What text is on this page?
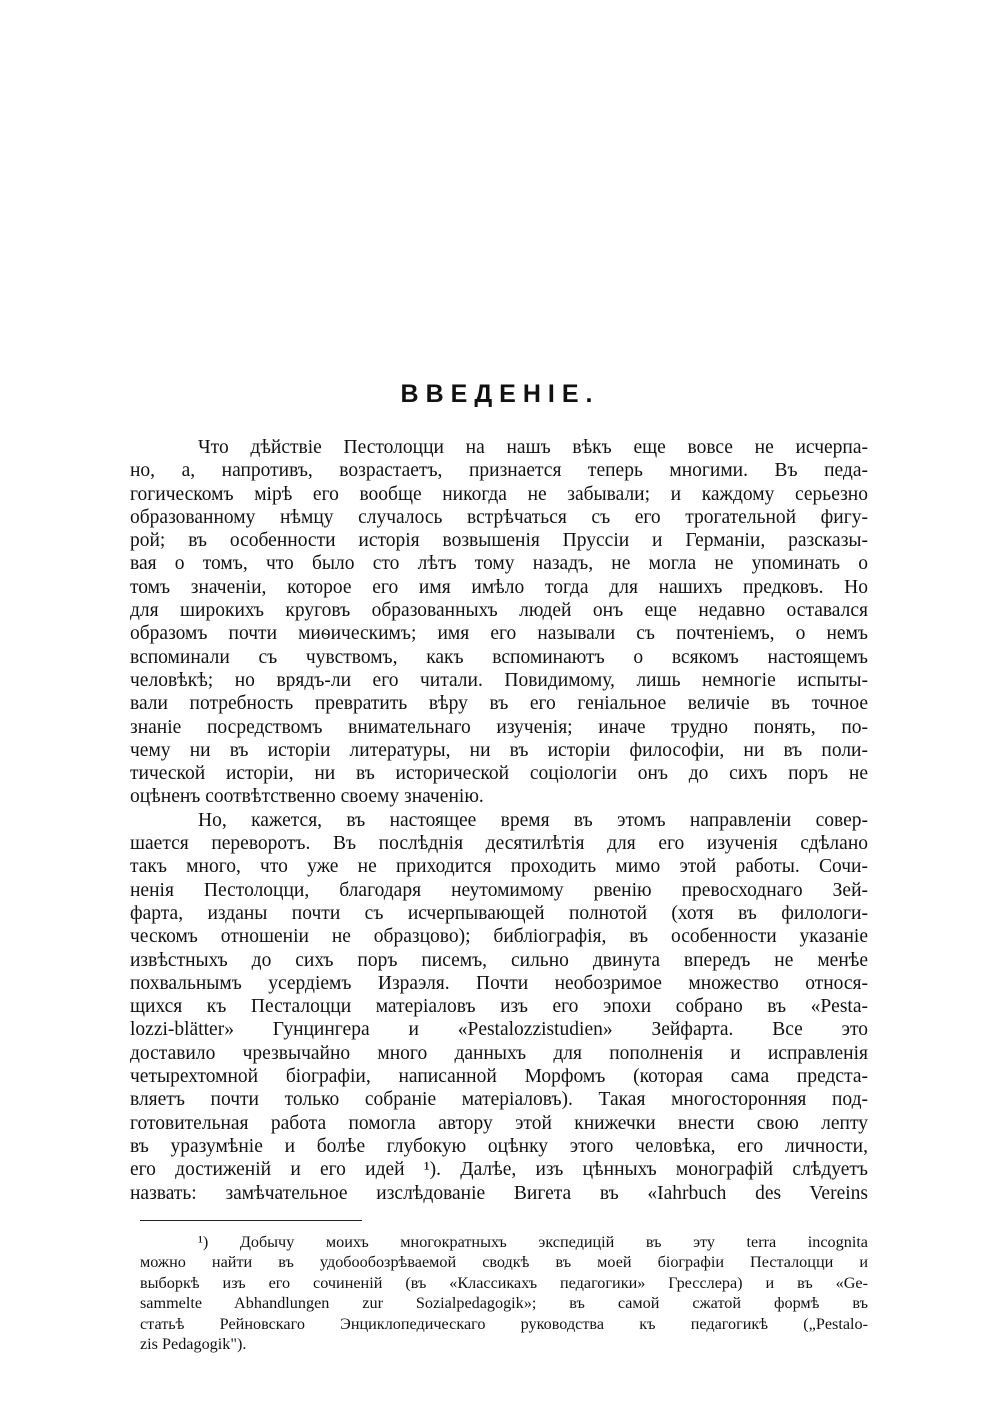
ВВЕДЕНІЕ.
Что дѣйствіе Пестолоцци на нашъ вѣкъ еще вовсе не исчерпа-
но, а, напротивъ, возрастаетъ, признается теперь многими. Въ педа-
гогическомъ мірѣ его вообще никогда не забывали; и каждому серьезно
образованному нѣмцу случалось встрѣчаться съ его трогательной фигу-
рой; въ особенности исторія возвышенія Пруссіи и Германіи, разсказы-
вая о томъ, что было сто лѣтъ тому назадъ, не могла не упоминать о
томъ значеніи, которое его имя имѣло тогда для нашихъ предковъ. Но
для широкихъ круговъ образованныхъ людей онъ еще недавно оставался
образомъ почти миѳическимъ; имя его называли съ почтеніемъ, о немъ
вспоминали съ чувствомъ, какъ вспоминаютъ о всякомъ настоящемъ
человѣкѣ; но врядъ-ли его читали. Повидимому, лишь немногіе испыты-
вали потребность превратить вѣру въ его геніальное величіе въ точное
знаніе посредствомъ внимательнаго изученія; иначе трудно понять, по-
чему ни въ исторіи литературы, ни въ исторіи философіи, ни въ поли-
тической исторіи, ни въ исторической соціологіи онъ до сихъ поръ не
оцѣненъ соотвѣтственно своему значенію.
Но, кажется, въ настоящее время въ этомъ направленіи совер-
шается переворотъ. Въ послѣднія десятилѣтія для его изученія сдѣлано
такъ много, что уже не приходится проходить мимо этой работы. Сочи-
ненія Пестолоцци, благодаря неутомимому рвенію превосходнаго Зей-
фарта, изданы почти съ исчерпывающей полнотой (хотя въ филологи-
ческомъ отношеніи не образцово); библіографія, въ особенности указаніе
извѣстныхъ до сихъ поръ писемъ, сильно двинута впередъ не менѣе
похвальнымъ усердіемъ Израэля. Почти необозримое множество относя-
щихся къ Песталоцци матеріаловъ изъ его эпохи собрано въ «Pesta-
lozzi-blätter» Гунцингера и «Pestalozzistudien» Зейфарта. Все это
доставило чрезвычайно много данныхъ для пополненія и исправленія
четырехтомной біографіи, написанной Морфомъ (которая сама предста-
вляетъ почти только собраніе матеріаловъ). Такая многосторонняя под-
готовительная работа помогла автору этой книжечки внести свою лепту
въ уразумѣніе и болѣе глубокую оцѣнку этого человѣка, его личности,
его достиженій и его идей ¹). Далѣе, изъ цѣнныхъ монографій слѣдуетъ
назвать: замѣчательное изслѣдованіе Вигета въ «Iahrbuch des Vereins
¹) Добычу моихъ многократныхъ экспедицій въ эту terra incognita
можно найти въ удобообозрѣваемой сводкѣ въ моей біографіи Песталоцци и
выборкѣ изъ его сочиненій (въ «Классикахъ педагогики» Гресслера) и въ «Ge-
sammelte Abhandlungen zur Sozialpedagogik»; въ самой сжатой формѣ въ
статьѣ Рейновскаго Энциклопедическаго руководства къ педагогикѣ („Pestalo-
zis Pedagogik").
